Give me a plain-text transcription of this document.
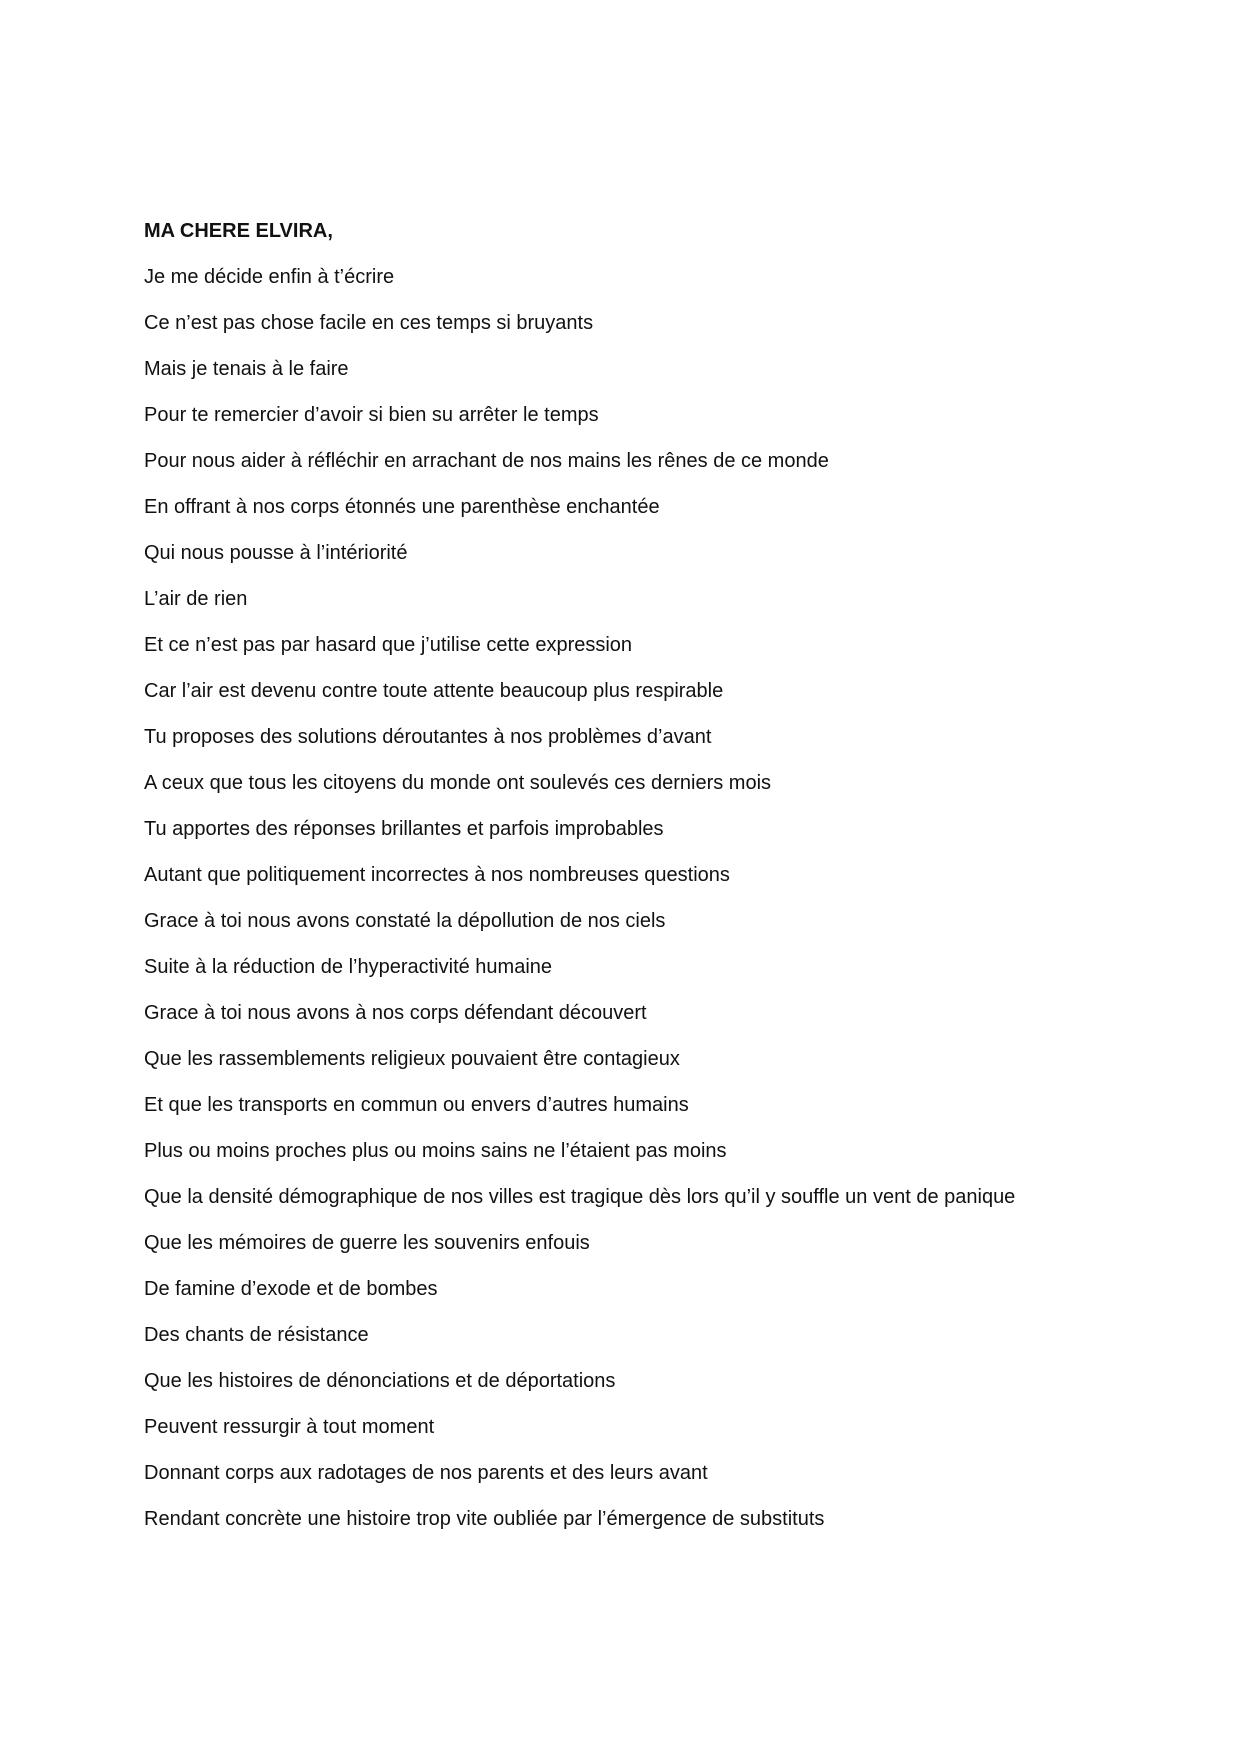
MA CHERE ELVIRA,

Je me décide enfin à t’écrire
Ce n’est pas chose facile en ces temps si bruyants
Mais je tenais à le faire
Pour te remercier d’avoir si bien su arrêter le temps
Pour nous aider à réfléchir en arrachant de nos mains les rênes de ce monde
En offrant à nos corps étonnés une parenthèse enchantée
Qui nous pousse à l’intériorité
L’air de rien
Et ce n’est pas par hasard que j’utilise cette expression
Car l’air est devenu contre toute attente beaucoup plus respirable
Tu proposes des solutions déroutantes à nos problèmes d’avant
A ceux que tous les citoyens du monde ont soulevés ces derniers mois
Tu apportes des réponses brillantes et parfois improbables
Autant que politiquement incorrectes à nos nombreuses questions
Grace à toi nous avons constaté la dépollution de nos ciels
Suite à la réduction de l’hyperactivité humaine
Grace à toi nous avons à nos corps défendant découvert
Que les rassemblements religieux pouvaient être contagieux
Et que les transports en commun ou envers d’autres humains
Plus ou moins proches plus ou moins sains ne l’étaient pas moins
Que la densité démographique de nos villes est tragique dès lors qu’il y souffle un vent de panique
Que les mémoires de guerre les souvenirs enfouis
De famine d’exode et de bombes
Des chants de résistance
Que les histoires de dénonciations et de déportations
Peuvent ressurgir à tout moment
Donnant corps aux radotages de nos parents et des leurs avant
Rendant concrète une histoire trop vite oubliée par l’émergence de substituts
